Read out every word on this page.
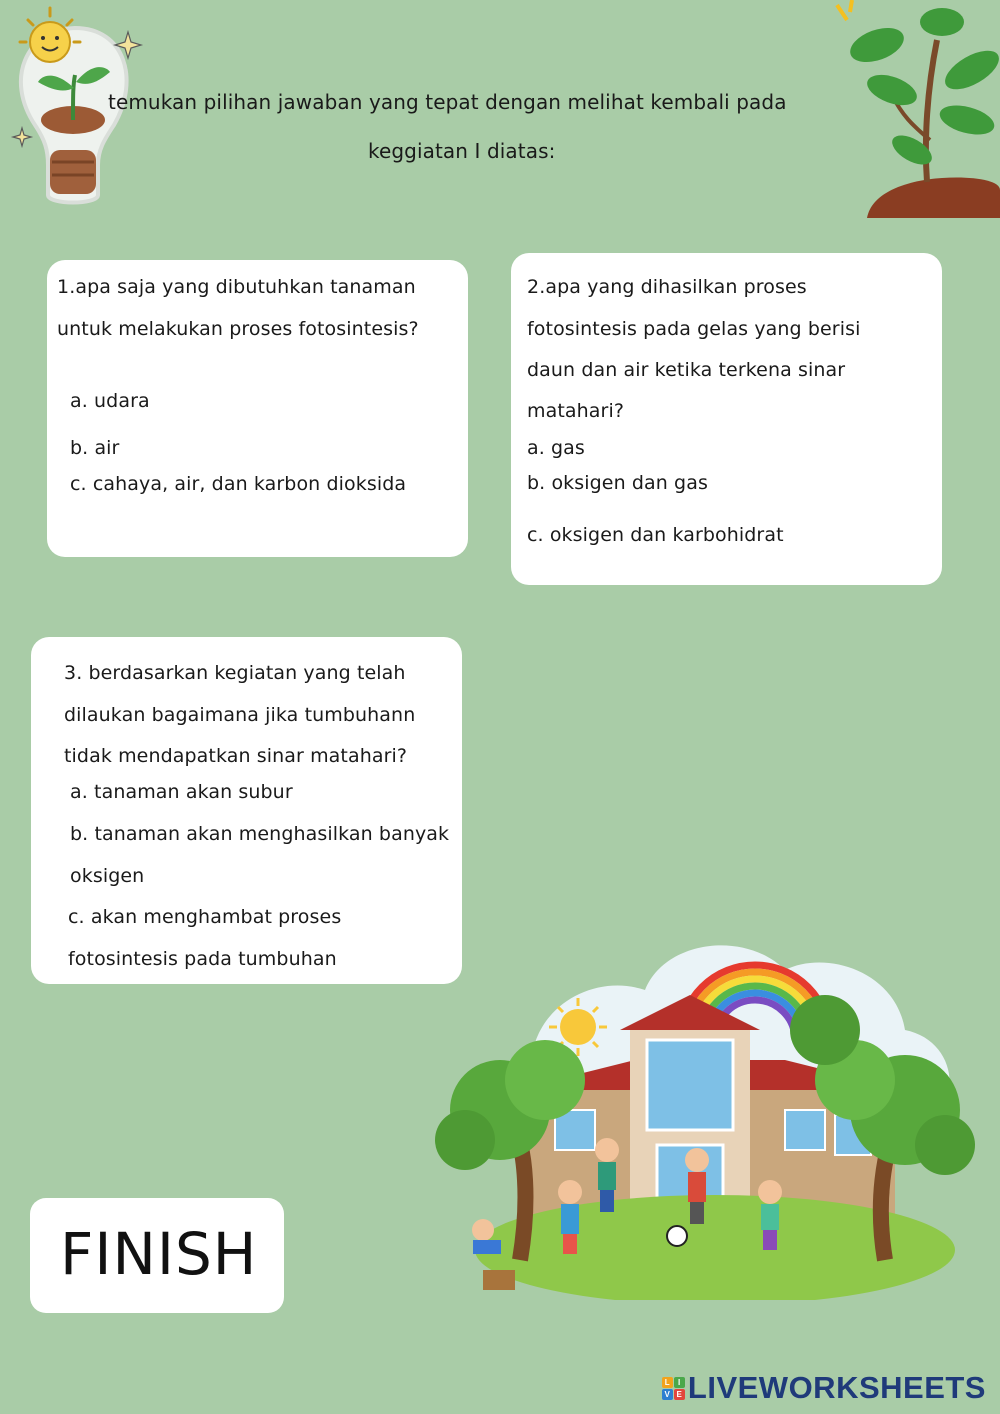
temukan pilihan jawaban yang tepat dengan melihat kembali pada
keggiatan I diatas:
1.apa saja yang dibutuhkan tanaman
untuk melakukan proses fotosintesis?
a. udara
b. air
c. cahaya, air, dan karbon dioksida
2.apa yang dihasilkan proses
fotosintesis pada gelas yang berisi
daun dan air ketika terkena sinar
matahari?
a. gas
b. oksigen dan gas
c. oksigen dan karbohidrat
3. berdasarkan kegiatan yang telah
dilaukan bagaimana jika tumbuhann
tidak mendapatkan sinar matahari?
a. tanaman akan subur
b. tanaman akan menghasilkan banyak
oksigen
c. akan menghambat proses
fotosintesis pada tumbuhan
FINISH
L I
V E LIVEWORKSHEETS
